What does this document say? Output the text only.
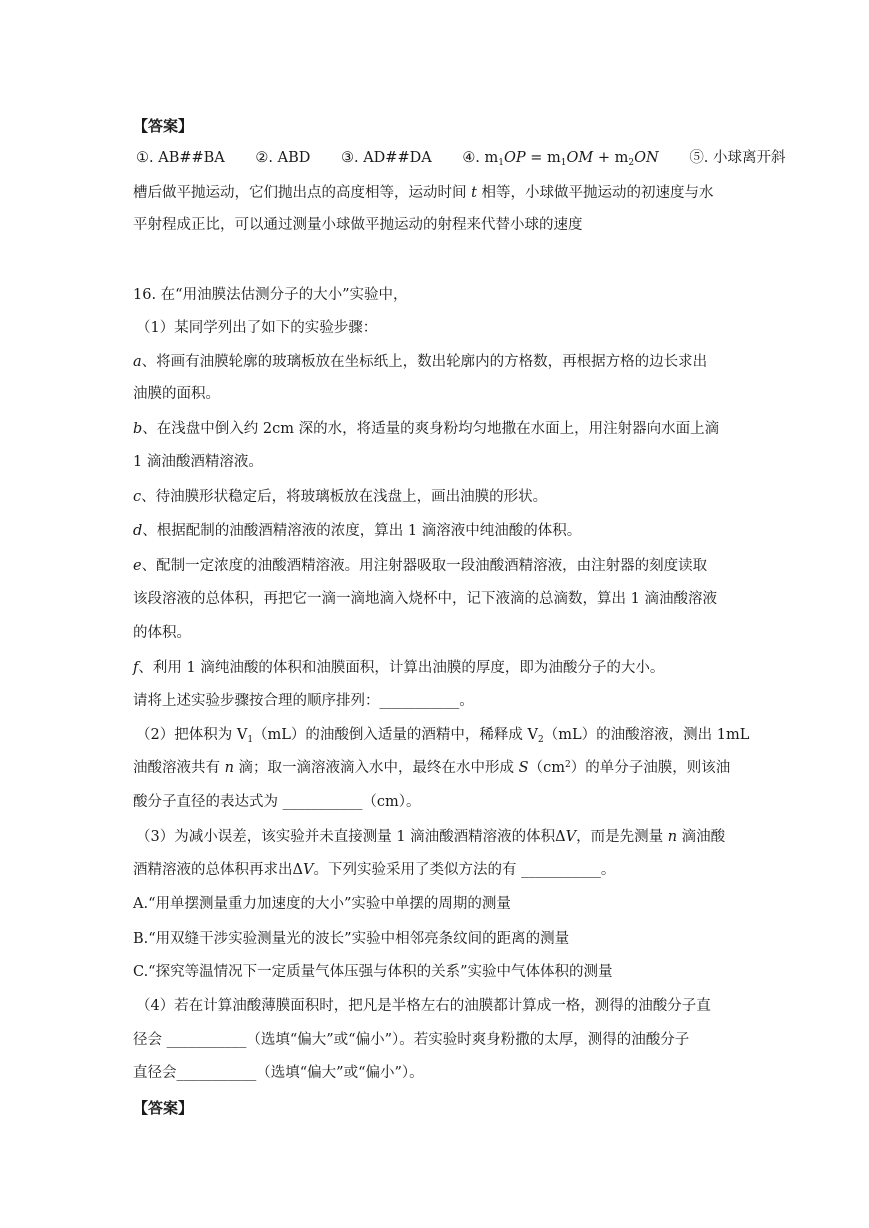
【答案】
①. AB##BA ②. ABD ③. AD##DA ④. $m_1OP = m_1OM + m_2ON$ ⑤. 小球离开斜
槽后做平抛运动，它们抛出点的高度相等，运动时间 t 相等，小球做平抛运动的初速度与水
平射程成正比，可以通过测量小球做平抛运动的射程来代替小球的速度
16. 在“用油膜法估测分子的大小”实验中，
（1）某同学列出了如下的实验步骤：
a、将画有油膜轮廓的玻璃板放在坐标纸上，数出轮廓内的方格数，再根据方格的边长求出
油膜的面积。
b、在浅盘中倒入约 2cm 深的水，将适量的爽身粉均匀地撒在水面上，用注射器向水面上滴
1 滴油酸酒精溶液。
c、待油膜形状稳定后，将玻璃板放在浅盘上，画出油膜的形状。
d、根据配制的油酸酒精溶液的浓度，算出 1 滴溶液中纯油酸的体积。
e、配制一定浓度的油酸酒精溶液。用注射器吸取一段油酸酒精溶液，由注射器的刻度读取
该段溶液的总体积，再把它一滴一滴地滴入烧杯中，记下液滴的总滴数，算出 1 滴油酸溶液
的体积。
f、利用 1 滴纯油酸的体积和油膜面积，计算出油膜的厚度，即为油酸分子的大小。
请将上述实验步骤按合理的顺序排列：___________。
（2）把体积为 $V_1(mL)$的油酸倒入适量的酒精中，稀释成 $V_2(mL)$的油酸溶液，测出 1mL
油酸溶液共有 n 滴；取一滴溶液滴入水中，最终在水中形成 $S(cm^2)$的单分子油膜，则该油
酸分子直径的表达式为 ___________（cm）。
（3）为减小误差，该实验并未直接测量 1 滴油酸酒精溶液的体积ΔV，而是先测量 n 滴油酸
酒精溶液的总体积再求出ΔV。下列实验采用了类似方法的有 ___________。
A.“用单摆测量重力加速度的大小”实验中单摆的周期的测量
B.“用双缝干涉实验测量光的波长”实验中相邻亮条纹间的距离的测量
C.“探究等温情况下一定质量气体压强与体积的关系”实验中气体体积的测量
（4）若在计算油酸薄膜面积时，把凡是半格左右的油膜都计算成一格，测得的油酸分子直
径会 ___________（选填“偏大”或“偏小”）。若实验时爽身粉撒的太厚，测得的油酸分子
直径会___________（选填“偏大”或“偏小”）。
【答案】
